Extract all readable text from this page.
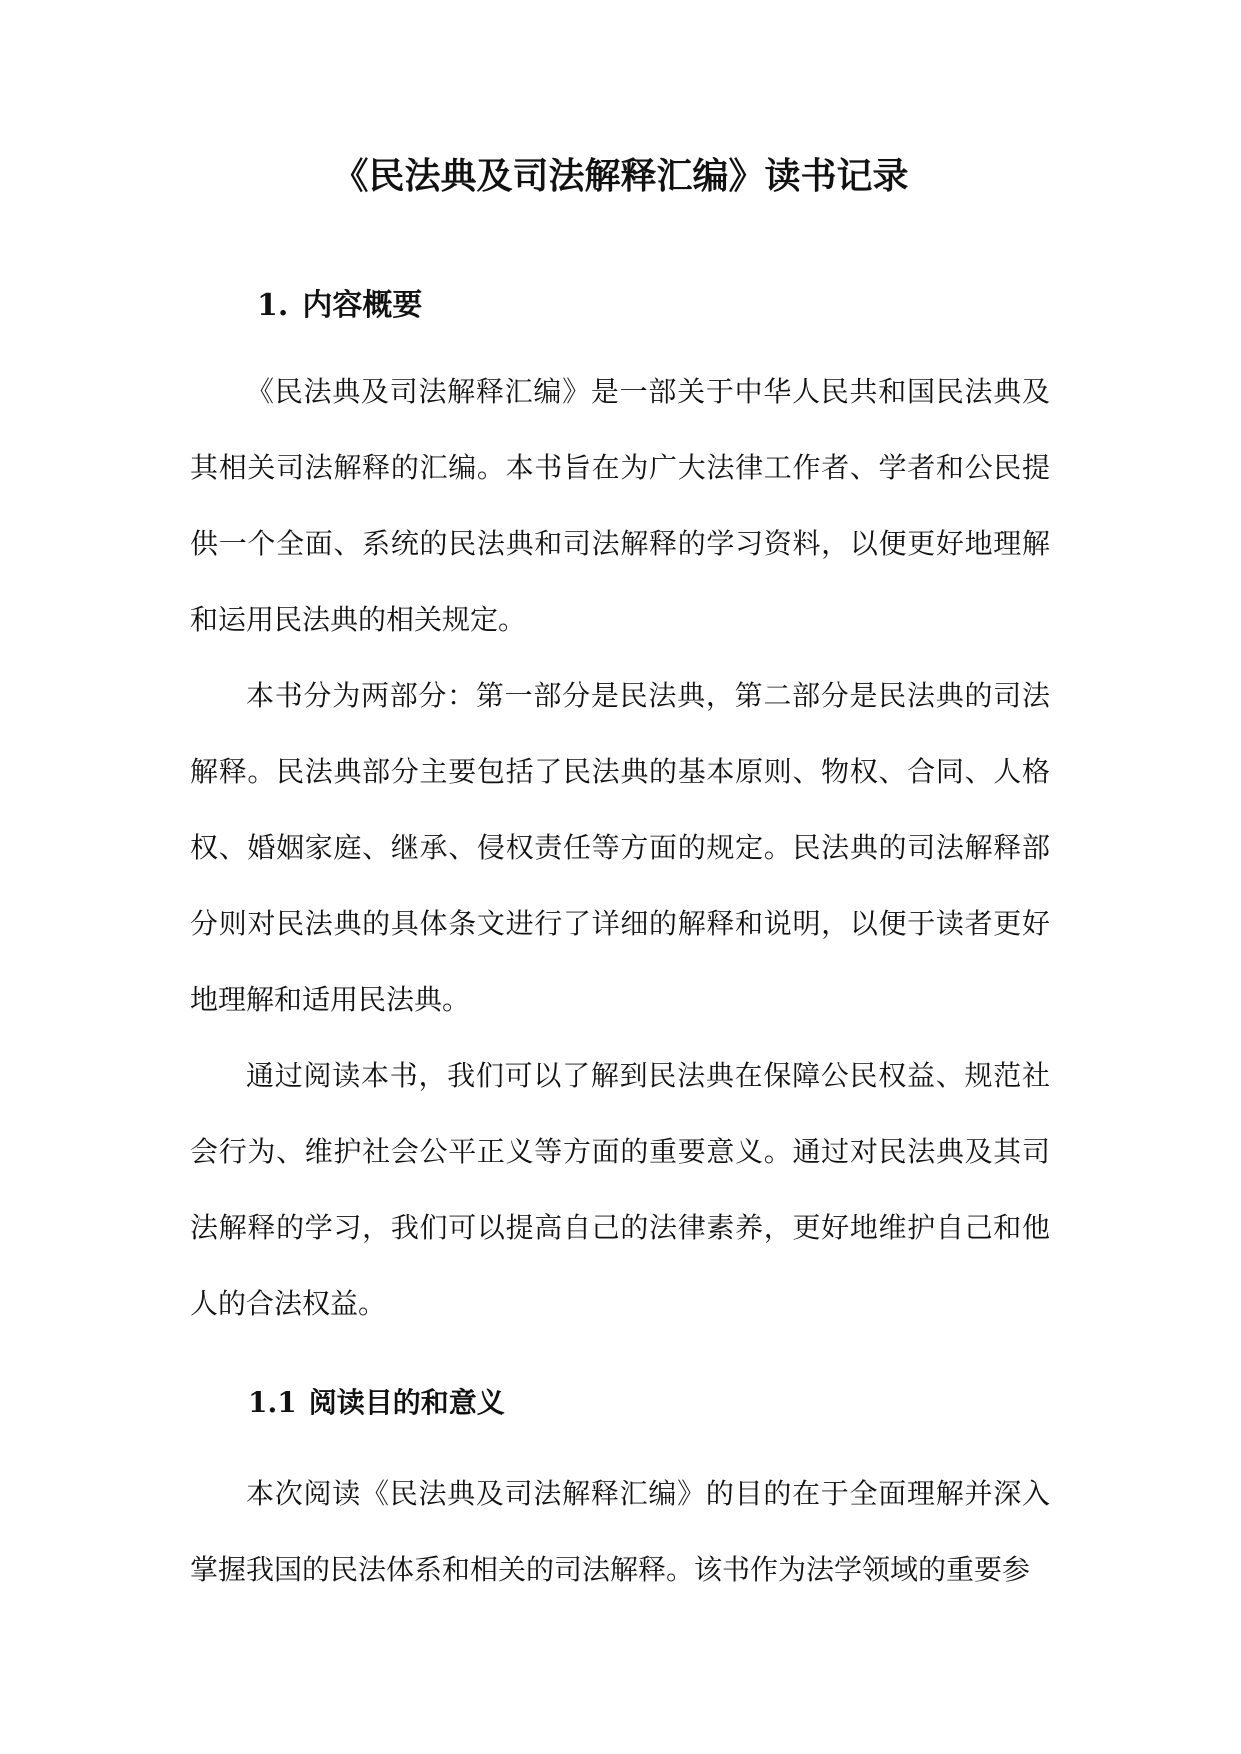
《民法典及司法解释汇编》读书记录
1. 内容概要

《民法典及司法解释汇编》是一部关于中华人民共和国民法典及其相关司法解释的汇编。本书旨在为广大法律工作者、学者和公民提供一个全面、系统的民法典和司法解释的学习资料，以便更好地理解和运用民法典的相关规定。

本书分为两部分：第一部分是民法典，第二部分是民法典的司法解释。民法典部分主要包括了民法典的基本原则、物权、合同、人格权、婚姻家庭、继承、侵权责任等方面的规定。民法典的司法解释部分则对民法典的具体条文进行了详细的解释和说明，以便于读者更好地理解和适用民法典。

通过阅读本书，我们可以了解到民法典在保障公民权益、规范社会行为、维护社会公平正义等方面的重要意义。通过对民法典及其司法解释的学习，我们可以提高自己的法律素养，更好地维护自己和他人的合法权益。

1.1 阅读目的和意义

本次阅读《民法典及司法解释汇编》的目的在于全面理解并深入掌握我国的民法体系和相关的司法解释。该书作为法学领域的重要参
